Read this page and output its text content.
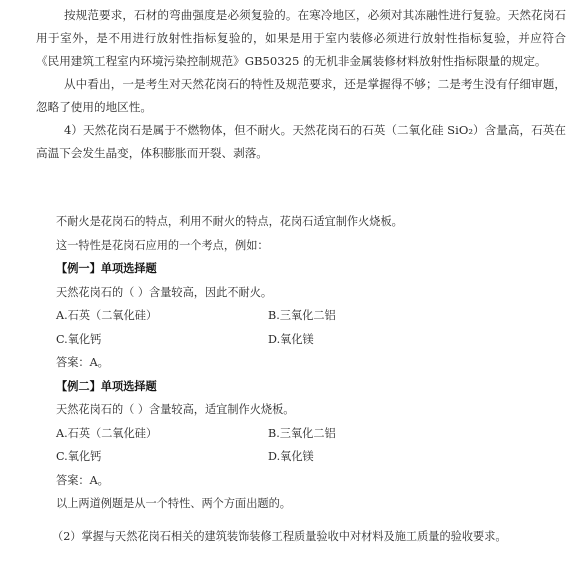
按规范要求，石材的弯曲强度是必须复验的。在寒冷地区，必须对其冻融性进行复验。天然花岗石用于室外，是不用进行放射性指标复验的，如果是用于室内装修必须进行放射性指标复验，并应符合《民用建筑工程室内环境污染控制规范》GB50325 的无机非金属装修材料放射性指标限量的规定。

从中看出，一是考生对天然花岗石的特性及规范要求，还是掌握得不够；二是考生没有仔细审题，忽略了使用的地区性。

4）天然花岗石是属于不燃物体，但不耐火。天然花岗石的石英（二氧化硅 SiO₂）含量高，石英在高温下会发生晶变，体积膨胀而开裂、剥落。

不耐火是花岗石的特点，利用不耐火的特点，花岗石适宜制作火烧板。
这一特性是花岗石应用的一个考点，例如：
【例一】单项选择题
天然花岗石的（ ）含量较高，因此不耐火。
A.石英（二氧化硅）	B.三氧化二铝
C.氧化钙	D.氧化镁
答案：A。
【例二】单项选择题
天然花岗石的（ ）含量较高，适宜制作火烧板。
A.石英（二氧化硅）	B.三氧化二铝
C.氧化钙	D.氧化镁
答案：A。
以上两道例题是从一个特性、两个方面出题的。

（2）掌握与天然花岗石相关的建筑装饰装修工程质量验收中对材料及施工质量的验收要求。
